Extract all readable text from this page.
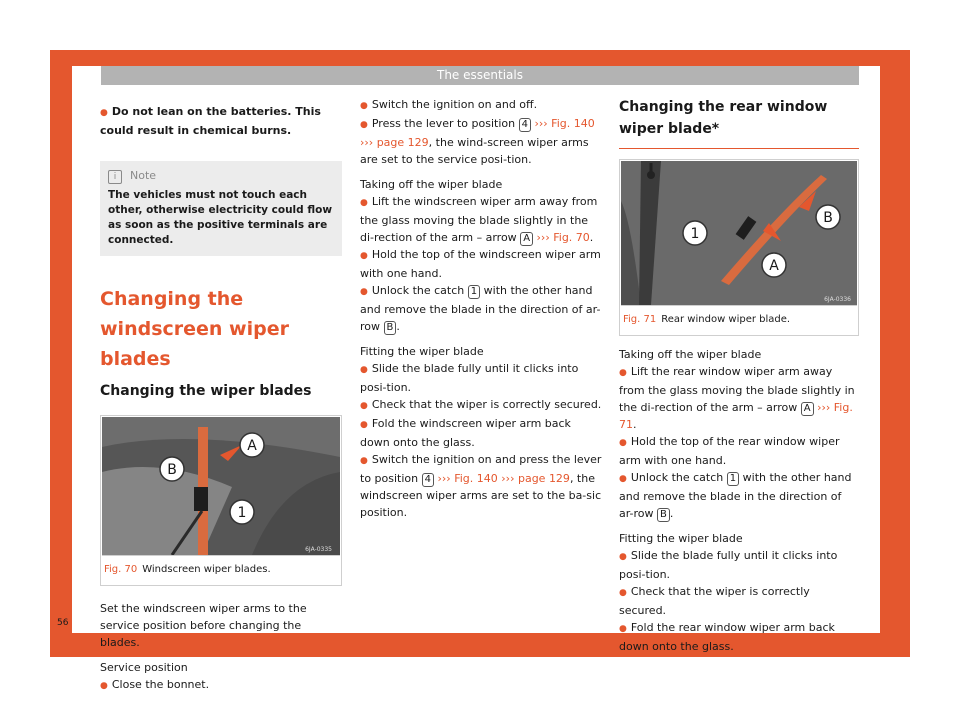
The essentials

● Do not lean on the batteries. This could result in chemical burns.

i Note

The vehicles must not touch each other, otherwise electricity could flow as soon as the positive terminals are connected.

Changing the windscreen wiper blades
Changing the wiper blades
A
B
1
6JA-0335
Fig. 70 Windscreen wiper blades.

Set the windscreen wiper arms to the service position before changing the blades.

Service position

● Close the bonnet.

● Switch the ignition on and off.

● Press the lever to position 4 ››› Fig. 140 ››› page 129, the wind-screen wiper arms are set to the service posi-tion.

Taking off the wiper blade

● Lift the windscreen wiper arm away from the glass moving the blade slightly in the di-rection of the arm – arrow A ››› Fig. 70.

● Hold the top of the windscreen wiper arm with one hand.

● Unlock the catch 1 with the other hand and remove the blade in the direction of ar-row B .

Fitting the wiper blade

● Slide the blade fully until it clicks into posi-tion.

● Check that the wiper is correctly secured.

● Fold the windscreen wiper arm back down onto the glass.

● Switch the ignition on and press the lever to position 4 ››› Fig. 140 ››› page 129, the windscreen wiper arms are set to the ba-sic position.

Changing the rear window wiper blade*
1
B
A
6JA-0336
Fig. 71 Rear window wiper blade.

Taking off the wiper blade

● Lift the rear window wiper arm away from the glass moving the blade slightly in the di-rection of the arm – arrow A ››› Fig. 71.

● Hold the top of the rear window wiper arm with one hand.

● Unlock the catch 1 with the other hand and remove the blade in the direction of ar-row B .

Fitting the wiper blade

● Slide the blade fully until it clicks into posi-tion.

● Check that the wiper is correctly secured.

● Fold the rear window wiper arm back down onto the glass.

56
